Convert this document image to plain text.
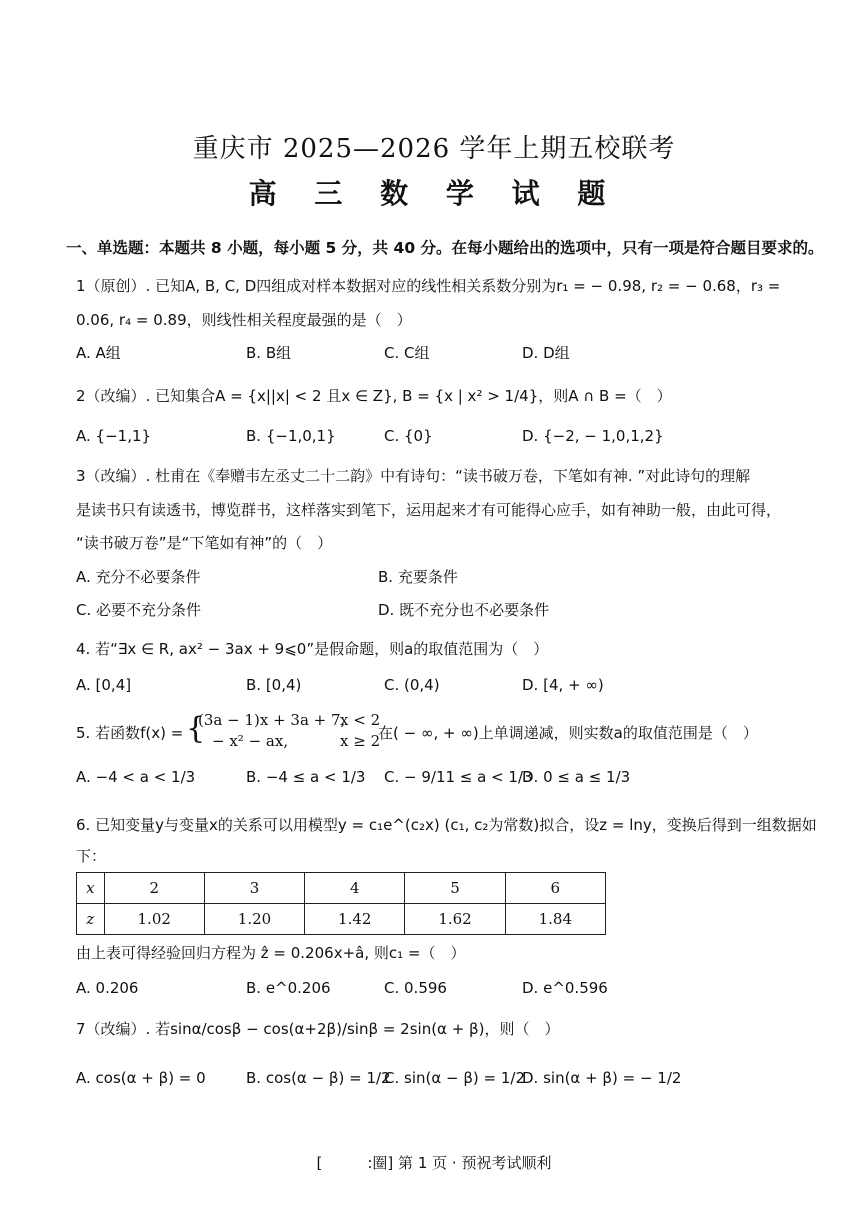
重庆市 2025—2026 学年上期五校联考
高 三 数 学 试 题
一、单选题：本题共 8 小题，每小题 5 分，共 40 分。在每小题给出的选项中，只有一项是符合题目要求的。
1（原创）. 已知A, B, C, D四组成对样本数据对应的线性相关系数分别为r₁ = − 0.98, r₂ = − 0.68，r₃ =
0.06, r₄ = 0.89，则线性相关程度最强的是（　）
A. A组	B. B组	C. C组	D. D组
2（改编）. 已知集合A = {x||x| < 2 且x ∈ Z}, B = {x | x² > 1/4}，则A ∩ B =（　）
A. {−1,1}	B. {−1,0,1}	C. {0}	D. {−2, − 1,0,1,2}
3（改编）. 杜甫在《奉赠韦左丞丈二十二韵》中有诗句：“读书破万卷，下笔如有神. ”对此诗句的理解
是读书只有读透书，博览群书，这样落实到笔下，运用起来才有可能得心应手，如有神助一般，由此可得，
“读书破万卷”是“下笔如有神”的（　）
A. 充分不必要条件	B. 充要条件
C. 必要不充分条件	D. 既不充分也不必要条件
4. 若“∃x ∈ R, ax² − 3ax + 9⩽0”是假命题，则a的取值范围为（　）
A. [0,4]	B. [0,4)	C. (0,4)	D. [4, + ∞)
5. 若函数f(x) = {
(3a − 1)x + 3a + 7,
x < 2
− x² − ax,	x ≥ 2
在( − ∞, + ∞)上单调递减，则实数a的取值范围是（　）
A. −4 < a < 1/3	B. −4 ≤ a < 1/3 C. − 9/11 ≤ a < 1/3
D. 0 ≤ a ≤ 1/3
6. 已知变量y与变量x的关系可以用模型y = c₁e^(c₂x) (c₁, c₂为常数)拟合，设z = lny，变换后得到一组数据如
下：
x	2	3	4	5	6
z	1.02	1.20	1.42	1.62	1.84
由上表可得经验回归方程为 ẑ = 0.206x+â, 则c₁ =（　）
A. 0.206	B. e^0.206	C. 0.596	D. e^0.596
7（改编）. 若sinα/cosβ − cos(α+2β)/sinβ = 2sin(α + β)，则（　）
A. cos(α + β) = 0	B. cos(α − β) = 1/2
C. sin(α − β) = 1/2
D. sin(α + β) = − 1/2
[　　　:圈] 第 1 页 · 预祝考试顺利
